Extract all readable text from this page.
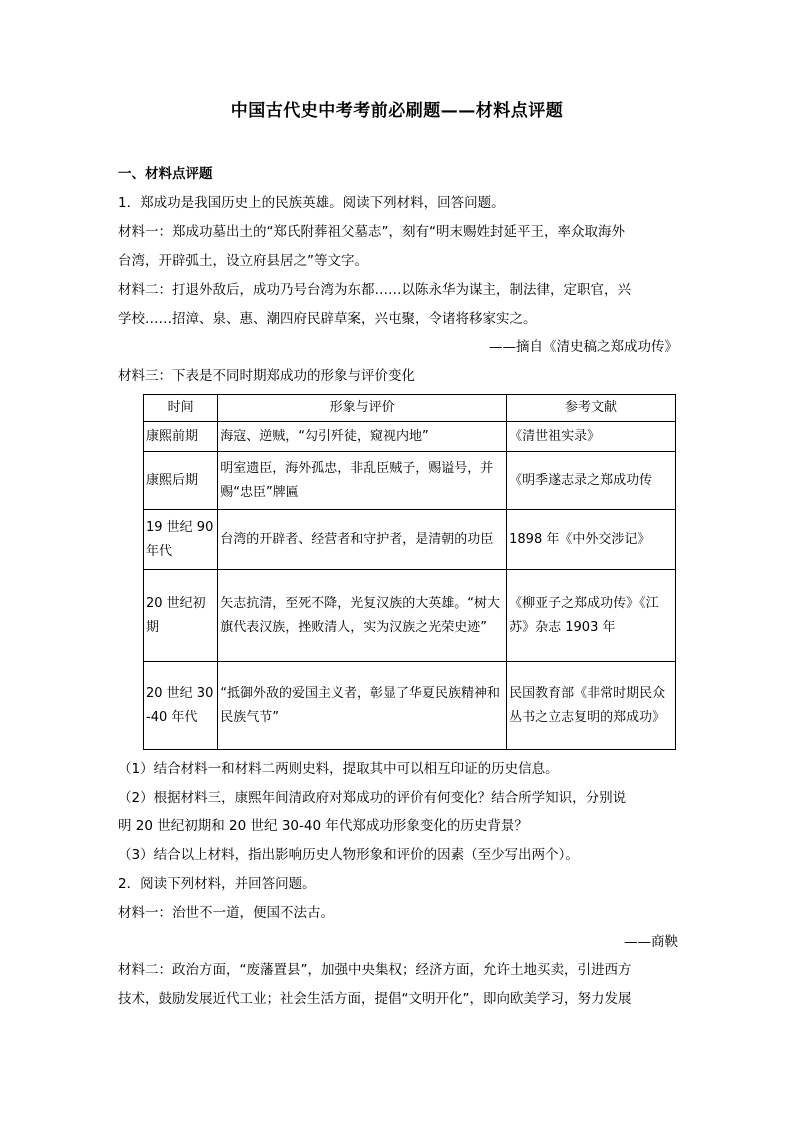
中国古代史中考考前必刷题——材料点评题
一、材料点评题
1．郑成功是我国历史上的民族英雄。阅读下列材料，回答问题。
材料一：郑成功墓出土的“郑氏附葬祖父墓志”，刻有“明末赐姓封延平王，率众取海外
台湾，开辟弧土，设立府县居之”等文字。
材料二：打退外敌后，成功乃号台湾为东都……以陈永华为谋主，制法律，定职官，兴
学校……招漳、泉、惠、潮四府民辟草案，兴屯聚，令诸将移家实之。
——摘自《清史稿之郑成功传》
材料三：下表是不同时期郑成功的形象与评价变化
时间	形象与评价	参考文献
康熙前期	海寇、逆贼，“勾引歼徒，窥视内地”	《清世祖实录》
康熙后期	明室遗臣，海外孤忠，非乱臣贼子，赐谥号，并赐“忠臣”牌匾	《明季遂志录之郑成功传
19 世纪 90 年代	台湾的开辟者、经营者和守护者，是清朝的功臣	1898 年《中外交涉记》
20 世纪初期	矢志抗清，至死不降，光复汉族的大英雄。“树大旗代表汉族，挫败清人，实为汉族之光荣史迹”	《柳亚子之郑成功传》《江苏》杂志 1903 年
20 世纪 30-40 年代	“抵御外敌的爱国主义者，彰显了华夏民族精神和民族气节”	民国教育部《非常时期民众丛书之立志复明的郑成功》
（1）结合材料一和材料二两则史料，提取其中可以相互印证的历史信息。
（2）根据材料三，康熙年间清政府对郑成功的评价有何变化？结合所学知识，分别说
明 20 世纪初期和 20 世纪 30-40 年代郑成功形象变化的历史背景？
（3）结合以上材料，指出影响历史人物形象和评价的因素（至少写出两个）。
2．阅读下列材料，并回答问题。
材料一：治世不一道，便国不法古。
——商鞅
材料二：政治方面，“废藩置县”，加强中央集权；经济方面，允许土地买卖，引进西方
技术，鼓励发展近代工业；社会生活方面，提倡“文明开化”，即向欧美学习，努力发展
